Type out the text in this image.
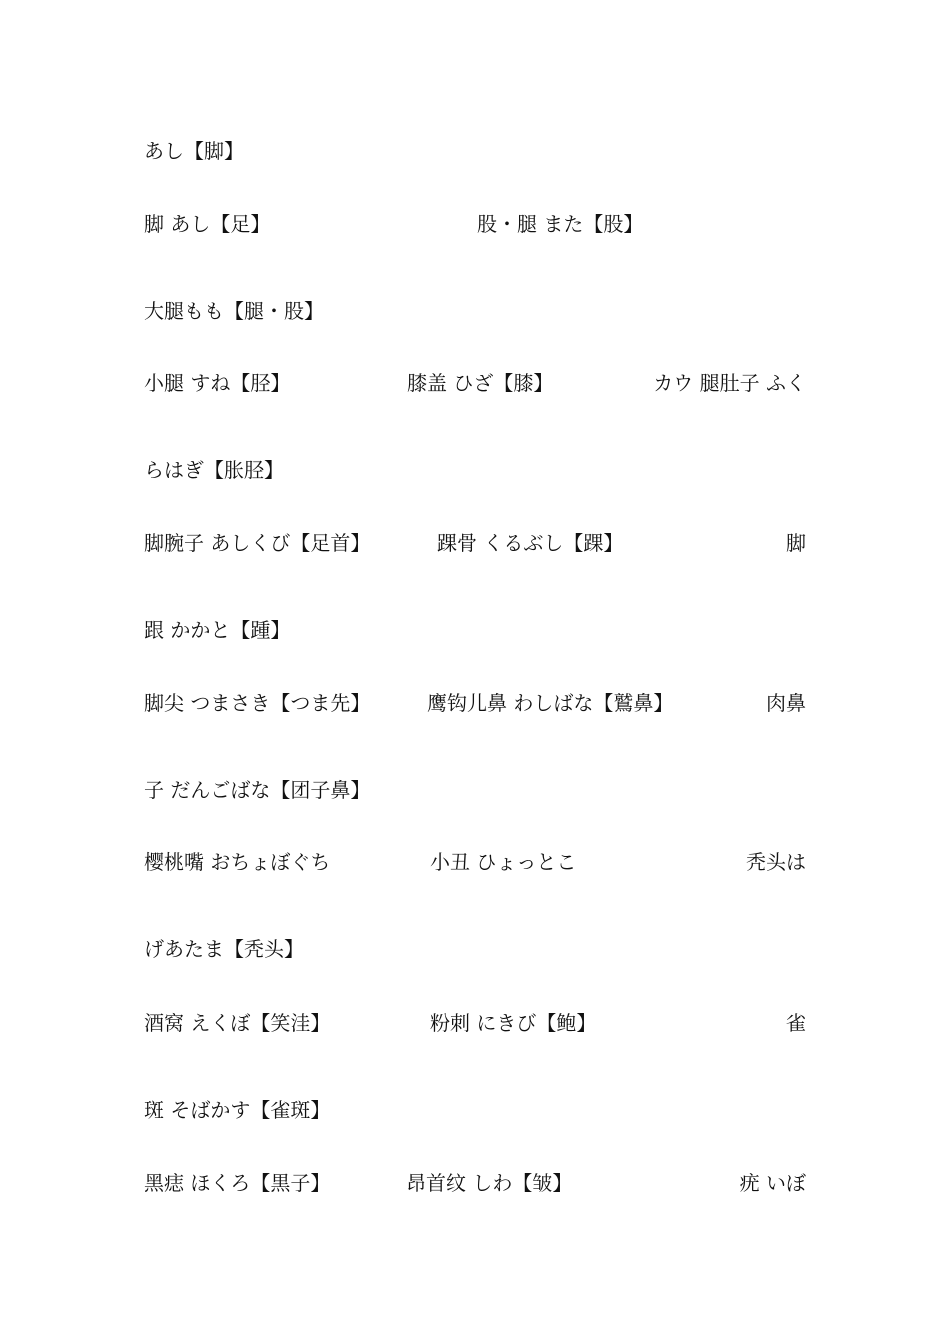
あし【脚】
脚 あし【足】	股・腿 また【股】
大腿もも【腿・股】
小腿 すね【胫】	膝盖 ひざ【膝】	カウ 腿肚子 ふく
らはぎ【胀胫】
脚腕子 あしくび【足首】	踝骨 くるぶし【踝】	脚
跟 かかと【踵】
脚尖 つまさき【つま先】	鹰钩儿鼻 わしばな【鷲鼻】	肉鼻
子 だんごばな【团子鼻】
樱桃嘴 おちょぼぐち	小丑 ひょっとこ	秃头は
げあたま【秃头】
酒窝 えくぼ【笑洼】	粉刺 にきび【鲍】	雀
斑 そばかす【雀斑】
黑痣 ほくろ【黒子】	昂首纹 しわ【皱】	疣 いぼ
